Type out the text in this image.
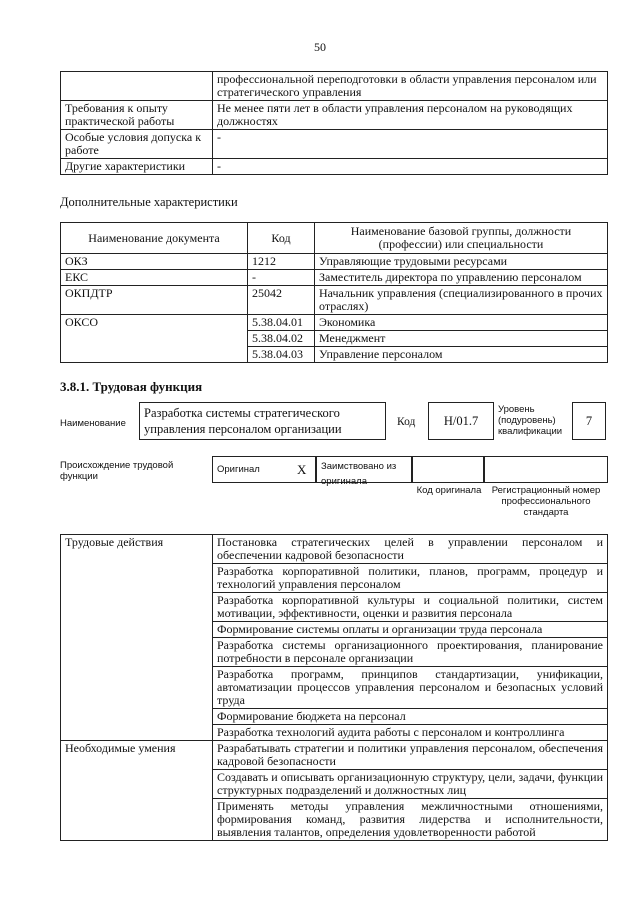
50
	профессиональной переподготовки в области управления персоналом или стратегического управления
Требования к опыту практической работы	Не менее пяти лет в области управления персоналом на руководящих должностях
Особые условия допуска к работе	-
Другие характеристики	-
Дополнительные характеристики
Наименование документа	Код	Наименование базовой группы, должности (профессии) или специальности
ОКЗ	1212	Управляющие трудовыми ресурсами
ЕКС	-	Заместитель директора по управлению персоналом
ОКПДТР	25042	Начальник управления (специализированного в прочих отраслях)
ОКСО	5.38.04.01	Экономика
	5.38.04.02	Менеджмент
	5.38.04.03	Управление персоналом
3.8.1. Трудовая функция
Наименование
Разработка системы стратегического управления персоналом организации	Код	H/01.7
Уровень (подуровень) квалификации
7
Происхождение трудовой функции
Оригинал	X	Заимствовано из оригинала
Код оригинала	Регистрационный номер профессионального стандарта
Трудовые действия	Постановка стратегических целей в управлении персоналом и обеспечении кадровой безопасности
	Разработка корпоративной политики, планов, программ, процедур и технологий управления персоналом
	Разработка корпоративной культуры и социальной политики, систем мотивации, эффективности, оценки и развития персонала
	Формирование системы оплаты и организации труда персонала
	Разработка системы организационного проектирования, планирование потребности в персонале организации
	Разработка программ, принципов стандартизации, унификации, автоматизации процессов управления персоналом и безопасных условий труда
	Формирование бюджета на персонал
	Разработка технологий аудита работы с персоналом и контроллинга
Необходимые умения	Разрабатывать стратегии и политики управления персоналом, обеспечения кадровой безопасности
	Создавать и описывать организационную структуру, цели, задачи, функции структурных подразделений и должностных лиц
	Применять методы управления межличностными отношениями, формирования команд, развития лидерства и исполнительности, выявления талантов, определения удовлетворенности работой
